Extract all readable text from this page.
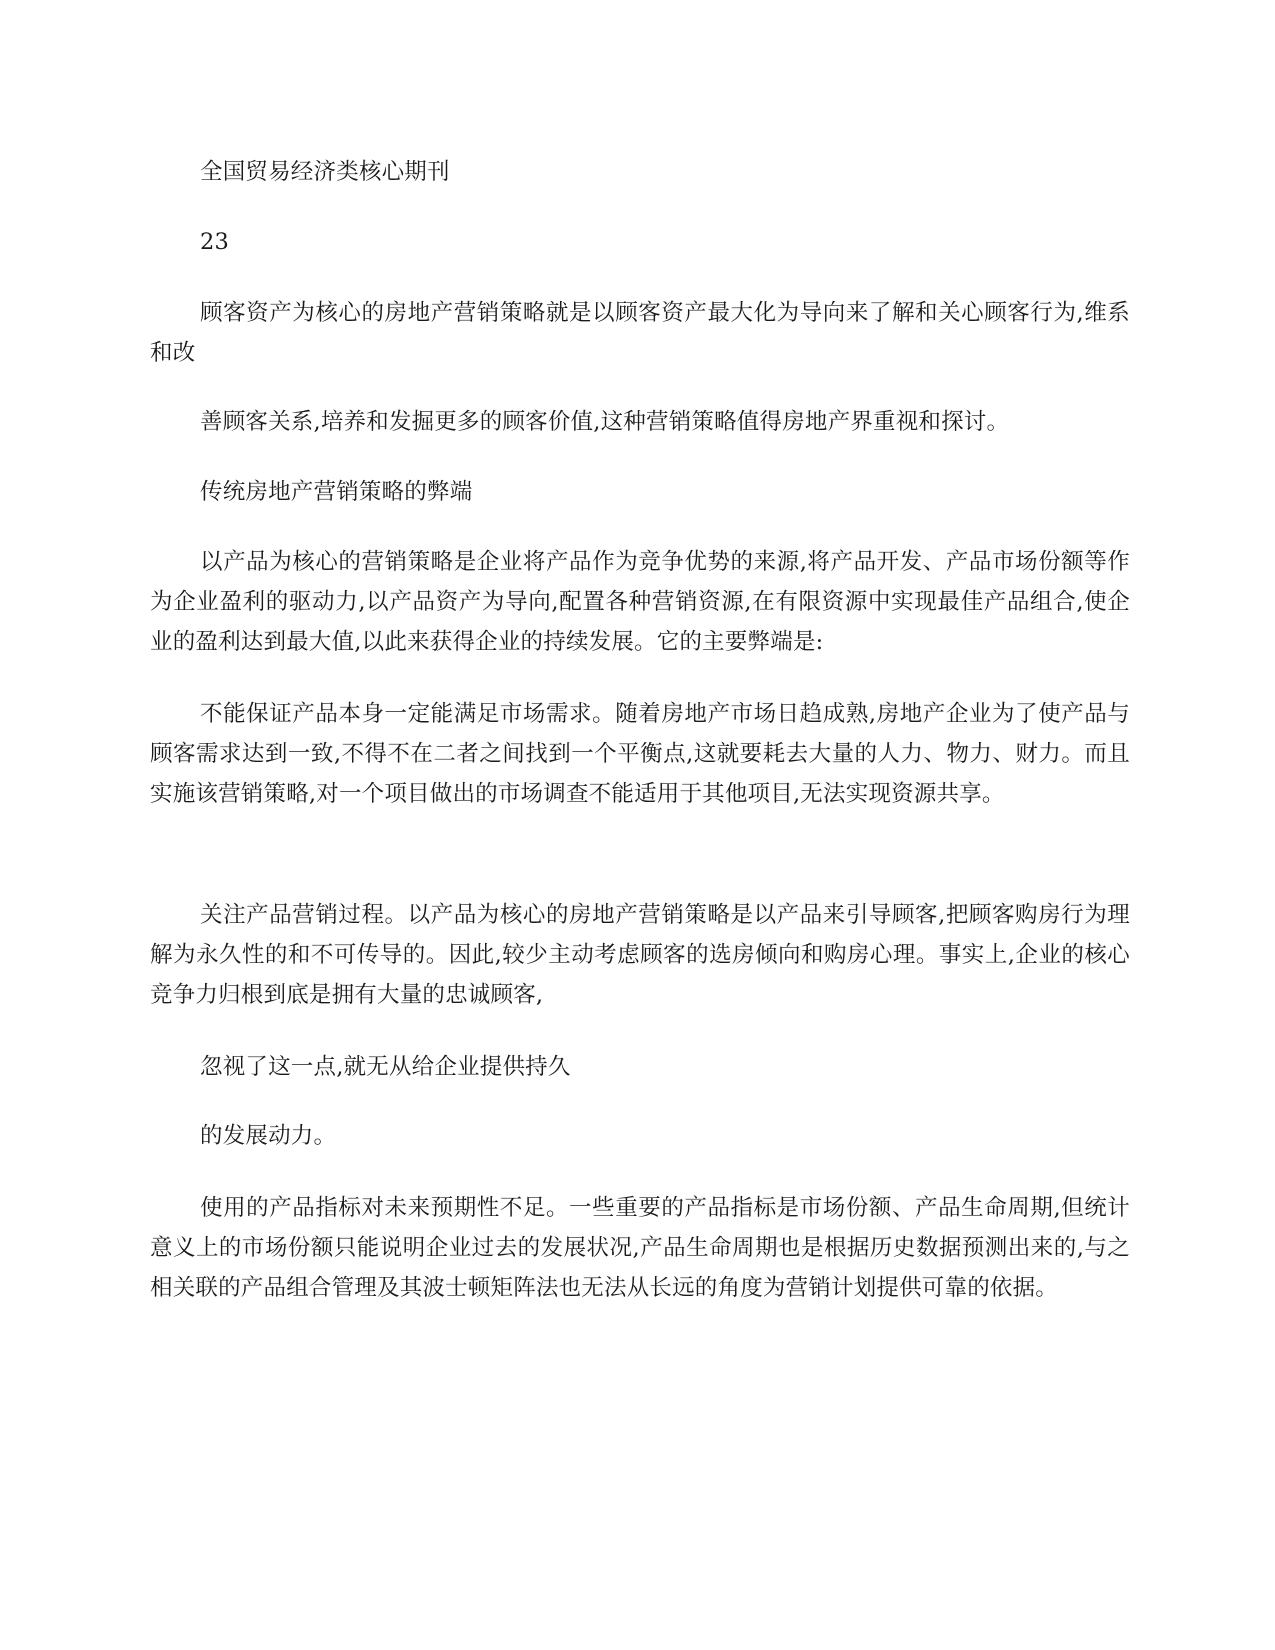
全国贸易经济类核心期刊

23

顾客资产为核心的房地产营销策略就是以顾客资产最大化为导向来了解和关心顾客行为,维系和改

善顾客关系,培养和发掘更多的顾客价值,这种营销策略值得房地产界重视和探讨。

传统房地产营销策略的弊端

以产品为核心的营销策略是企业将产品作为竞争优势的来源,将产品开发、产品市场份额等作为企业盈利的驱动力,以产品资产为导向,配置各种营销资源,在有限资源中实现最佳产品组合,使企业的盈利达到最大值,以此来获得企业的持续发展。它的主要弊端是:

不能保证产品本身一定能满足市场需求。随着房地产市场日趋成熟,房地产企业为了使产品与顾客需求达到一致,不得不在二者之间找到一个平衡点,这就要耗去大量的人力、物力、财力。而且实施该营销策略,对一个项目做出的市场调查不能适用于其他项目,无法实现资源共享。

关注产品营销过程。以产品为核心的房地产营销策略是以产品来引导顾客,把顾客购房行为理解为永久性的和不可传导的。因此,较少主动考虑顾客的选房倾向和购房心理。事实上,企业的核心竞争力归根到底是拥有大量的忠诚顾客,

忽视了这一点,就无从给企业提供持久

的发展动力。

使用的产品指标对未来预期性不足。一些重要的产品指标是市场份额、产品生命周期,但统计意义上的市场份额只能说明企业过去的发展状况,产品生命周期也是根据历史数据预测出来的,与之相关联的产品组合管理及其波士顿矩阵法也无法从长远的角度为营销计划提供可靠的依据。
